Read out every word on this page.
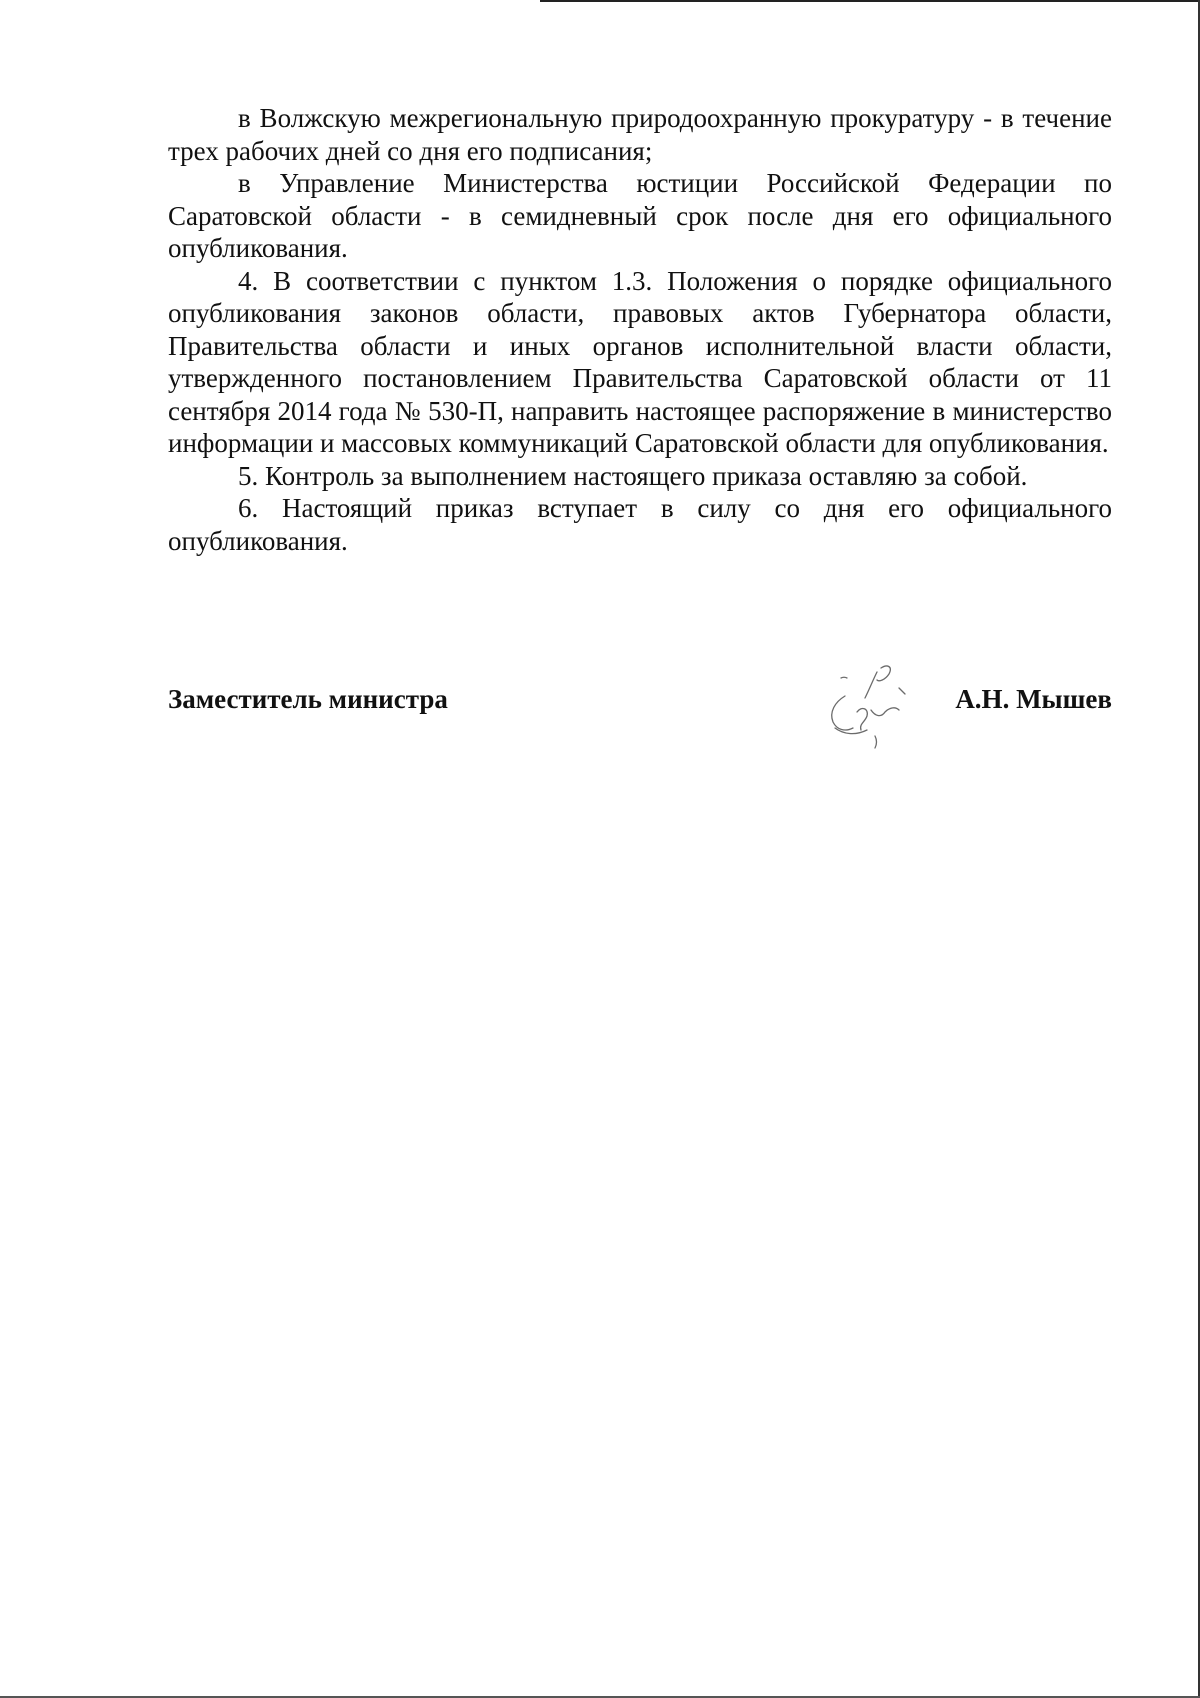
в Волжскую межрегиональную природоохранную прокуратуру - в течение трех рабочих дней со дня его подписания;

в Управление Министерства юстиции Российской Федерации по Саратовской области - в семидневный срок после дня его официального опубликования.

4. В соответствии с пунктом 1.3. Положения о порядке официального опубликования законов области, правовых актов Губернатора области, Правительства области и иных органов исполнительной власти области, утвержденного постановлением Правительства Саратовской области от 11 сентября 2014 года № 530-П, направить настоящее распоряжение в министерство информации и массовых коммуникаций Саратовской области для опубликования.

5. Контроль за выполнением настоящего приказа оставляю за собой.

6. Настоящий приказ вступает в силу со дня его официального опубликования.

Заместитель министра	А.Н. Мышев
